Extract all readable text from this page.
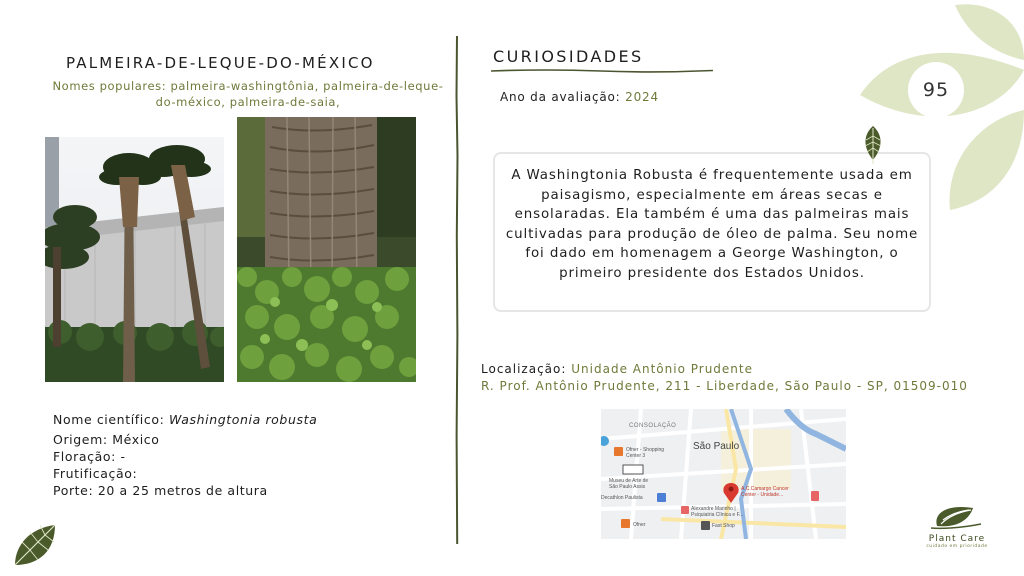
PALMEIRA-DE-LEQUE-DO-MÉXICO
Nomes populares: palmeira-washingtônia, palmeira-de-leque-do-méxico, palmeira-de-saia,
Nome científico: Washingtonia robusta
Origem: México
Floração: -
Frutificação:
Porte: 20 a 25 metros de altura
CURIOSIDADES
Ano da avaliação: 2024
A Washingtonia Robusta é frequentemente usada em paisagismo, especialmente em áreas secas e ensolaradas. Ela também é uma das palmeiras mais cultivadas para produção de óleo de palma. Seu nome foi dado em homenagem a George Washington, o primeiro presidente dos Estados Unidos.
Localização: Unidade Antônio Prudente
R. Prof. Antônio Prudente, 211 - Liberdade, São Paulo - SP, 01509-010
CONSOLAÇÃO
São Paulo
Ofner - Shopping
Center 3
Museu de Arte de
São Paulo Assis
Decathlon Paulista
Alexandre Marinho |
Psiquiatria Clínica e F...
Ofner	Fast Shop
A.C.Camargo Cancer
Center - Unidade...
95
Plant Care
cuidado em prioridade
